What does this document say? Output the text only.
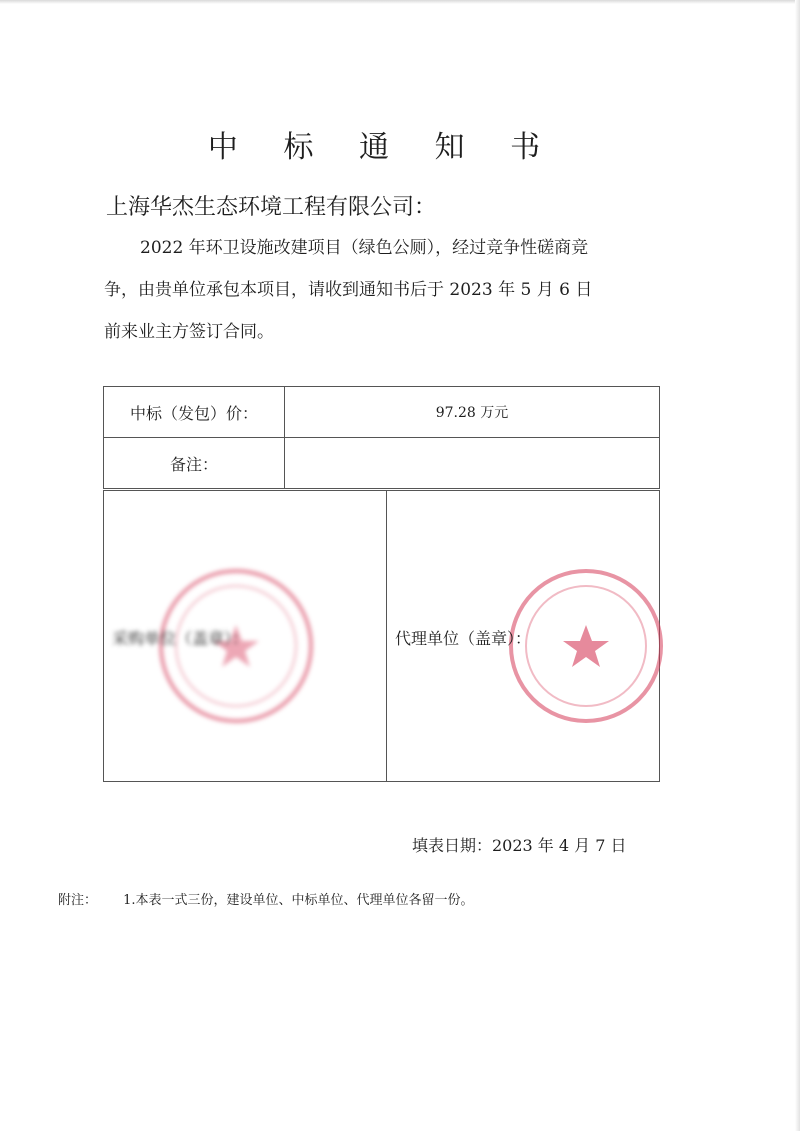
中 标 通 知 书
上海华杰生态环境工程有限公司：
2022 年环卫设施改建项目（绿色公厕），经过竞争性磋商竞
争，由贵单位承包本项目，请收到通知书后于 2023 年 5 月 6 日
前来业主方签订合同。
中标（发包）价：	97.28 万元
备注：	
采购单位（盖章）：	代理单位（盖章）：
填表日期：2023 年 4 月 7 日
附注： 1.本表一式三份，建设单位、中标单位、代理单位各留一份。
